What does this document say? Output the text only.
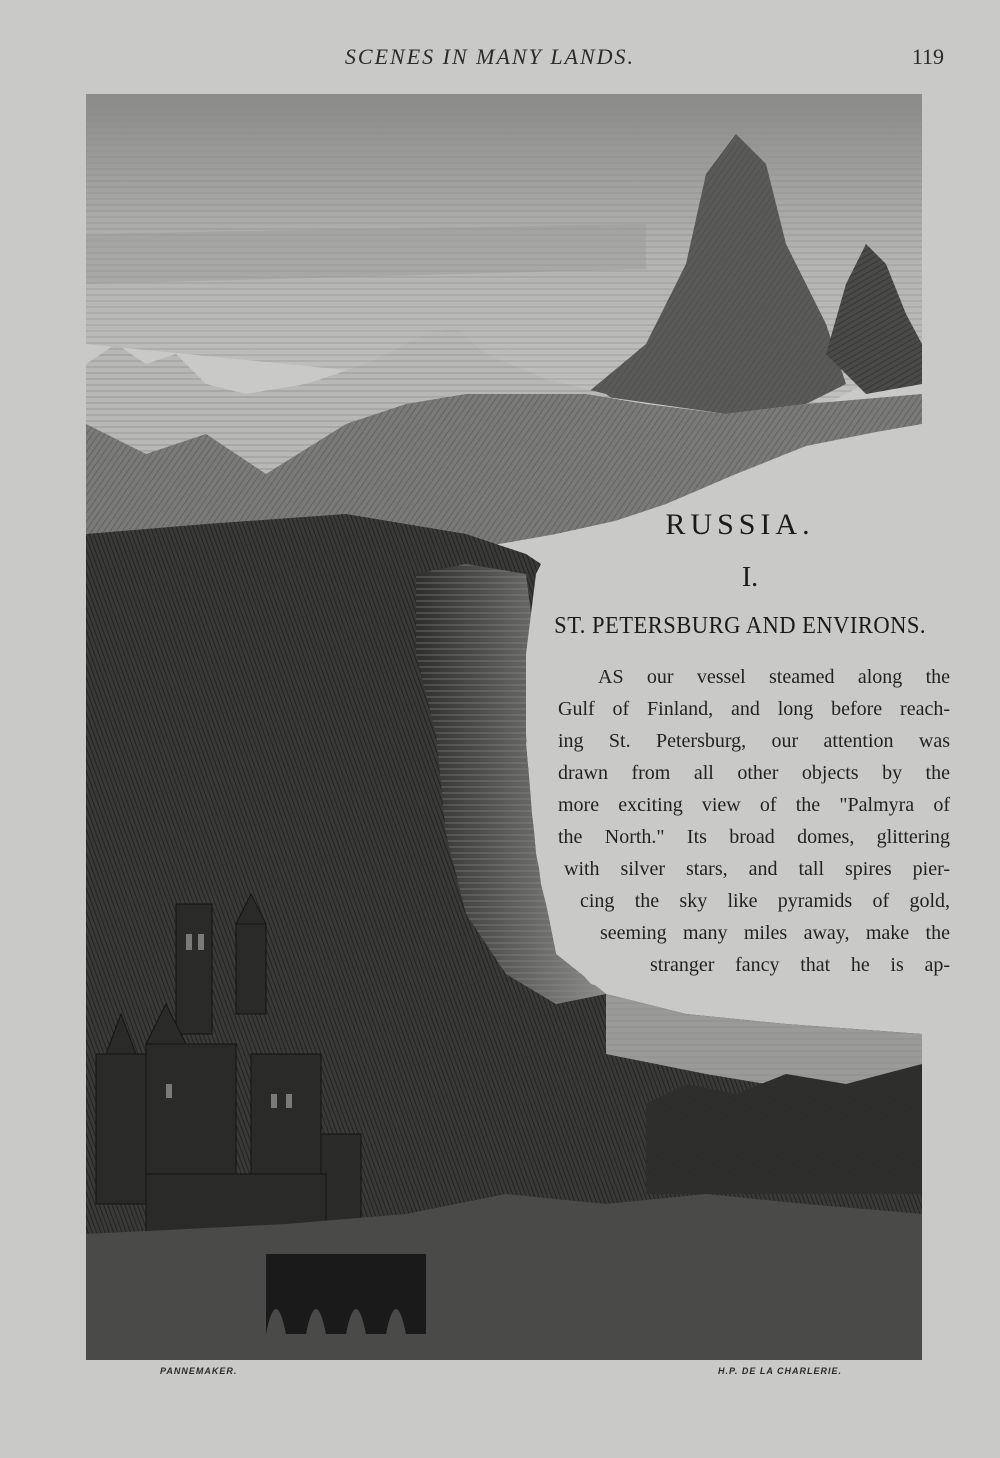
SCENES IN MANY LANDS.	119
PANNEMAKER.	H.P. DE LA CHARLERIE.
RUSSIA.
I.
ST. PETERSBURG AND ENVIRONS.
AS our vessel steamed along the
Gulf of Finland, and long before reach-
ing St. Petersburg, our attention was
drawn from all other objects by the
more exciting view of the "Palmyra of
the North." Its broad domes, glittering
with silver stars, and tall spires pier-
cing the sky like pyramids of gold,
seeming many miles away, make the
stranger fancy that he is ap-
